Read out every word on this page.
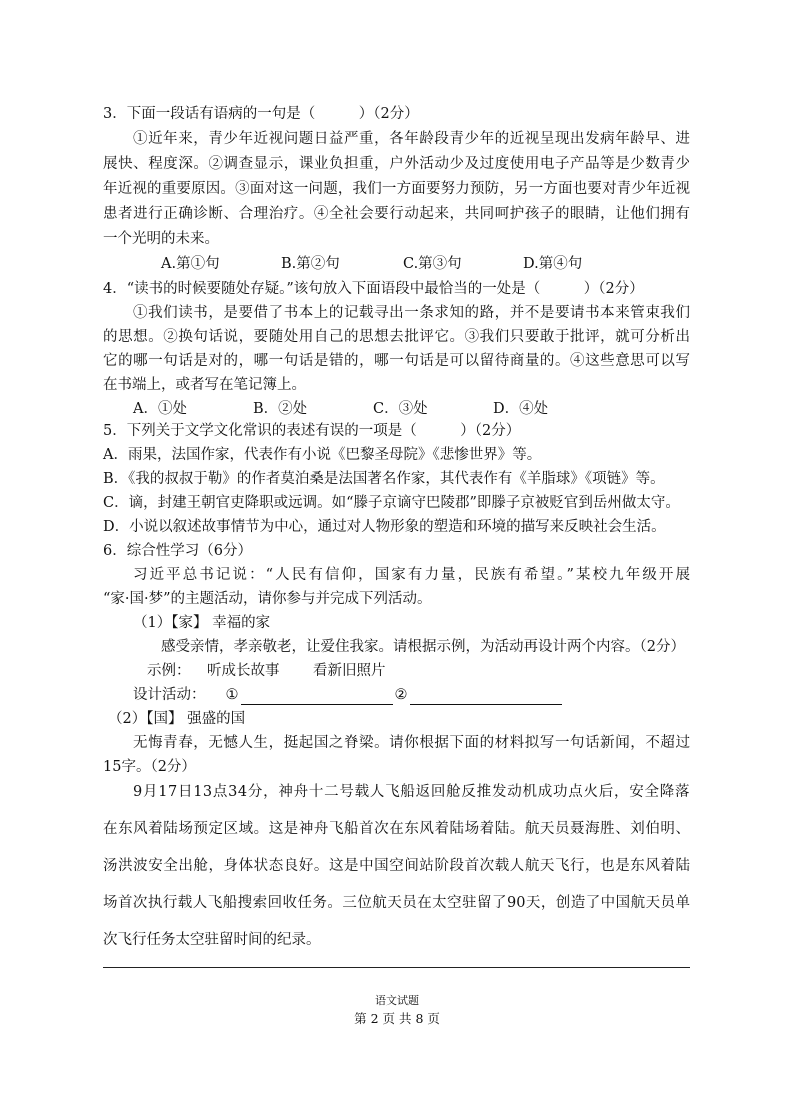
3．下面一段话有语病的一句是（　　　）（2分）
①近年来，青少年近视问题日益严重，各年龄段青少年的近视呈现出发病年龄早、进
展快、程度深。②调查显示，课业负担重，户外活动少及过度使用电子产品等是少数青少
年近视的重要原因。③面对这一问题，我们一方面要努力预防，另一方面也要对青少年近视
患者进行正确诊断、合理治疗。④全社会要行动起来，共同呵护孩子的眼睛，让他们拥有
一个光明的未来。
A.第①句	B.第②句	C.第③句	D.第④句
4．“读书的时候要随处存疑。”该句放入下面语段中最恰当的一处是（　　　）（2分）
①我们读书，是要借了书本上的记载寻出一条求知的路，并不是要请书本来管束我们
的思想。②换句话说，要随处用自己的思想去批评它。③我们只要敢于批评，就可分析出
它的哪一句话是对的，哪一句话是错的，哪一句话是可以留待商量的。④这些意思可以写
在书端上，或者写在笔记簿上。
A．①处	B．②处	C．③处	D．④处
5．下列关于文学文化常识的表述有误的一项是（　　　）（2分）
A．雨果，法国作家，代表作有小说《巴黎圣母院》《悲惨世界》等。
B．《我的叔叔于勒》的作者莫泊桑是法国著名作家，其代表作有《羊脂球》《项链》等。
C．谪，封建王朝官吏降职或远调。如“滕子京谪守巴陵郡”即滕子京被贬官到岳州做太守。
D．小说以叙述故事情节为中心，通过对人物形象的塑造和环境的描写来反映社会生活。
6．综合性学习（6分）
习近平总书记说：“人民有信仰，国家有力量，民族有希望。”某校九年级开展
“家·国·梦”的主题活动，请你参与并完成下列活动。
（1）【家】 幸福的家
感受亲情，孝亲敬老，让爱住我家。请根据示例，为活动再设计两个内容。（2分）
示例： 听成长故事 看新旧照片
设计活动： ①	②
（2）【国】 强盛的国
无悔青春，无憾人生，挺起国之脊梁。请你根据下面的材料拟写一句话新闻，不超过
15字。（2分）
9月17日13点34分，神舟十二号载人飞船返回舱反推发动机成功点火后，安全降落
在东风着陆场预定区域。这是神舟飞船首次在东风着陆场着陆。航天员聂海胜、刘伯明、
汤洪波安全出舱，身体状态良好。这是中国空间站阶段首次载人航天飞行，也是东风着陆
场首次执行载人飞船搜索回收任务。三位航天员在太空驻留了90天，创造了中国航天员单
次飞行任务太空驻留时间的纪录。
语文试题
第 2 页 共 8 页
